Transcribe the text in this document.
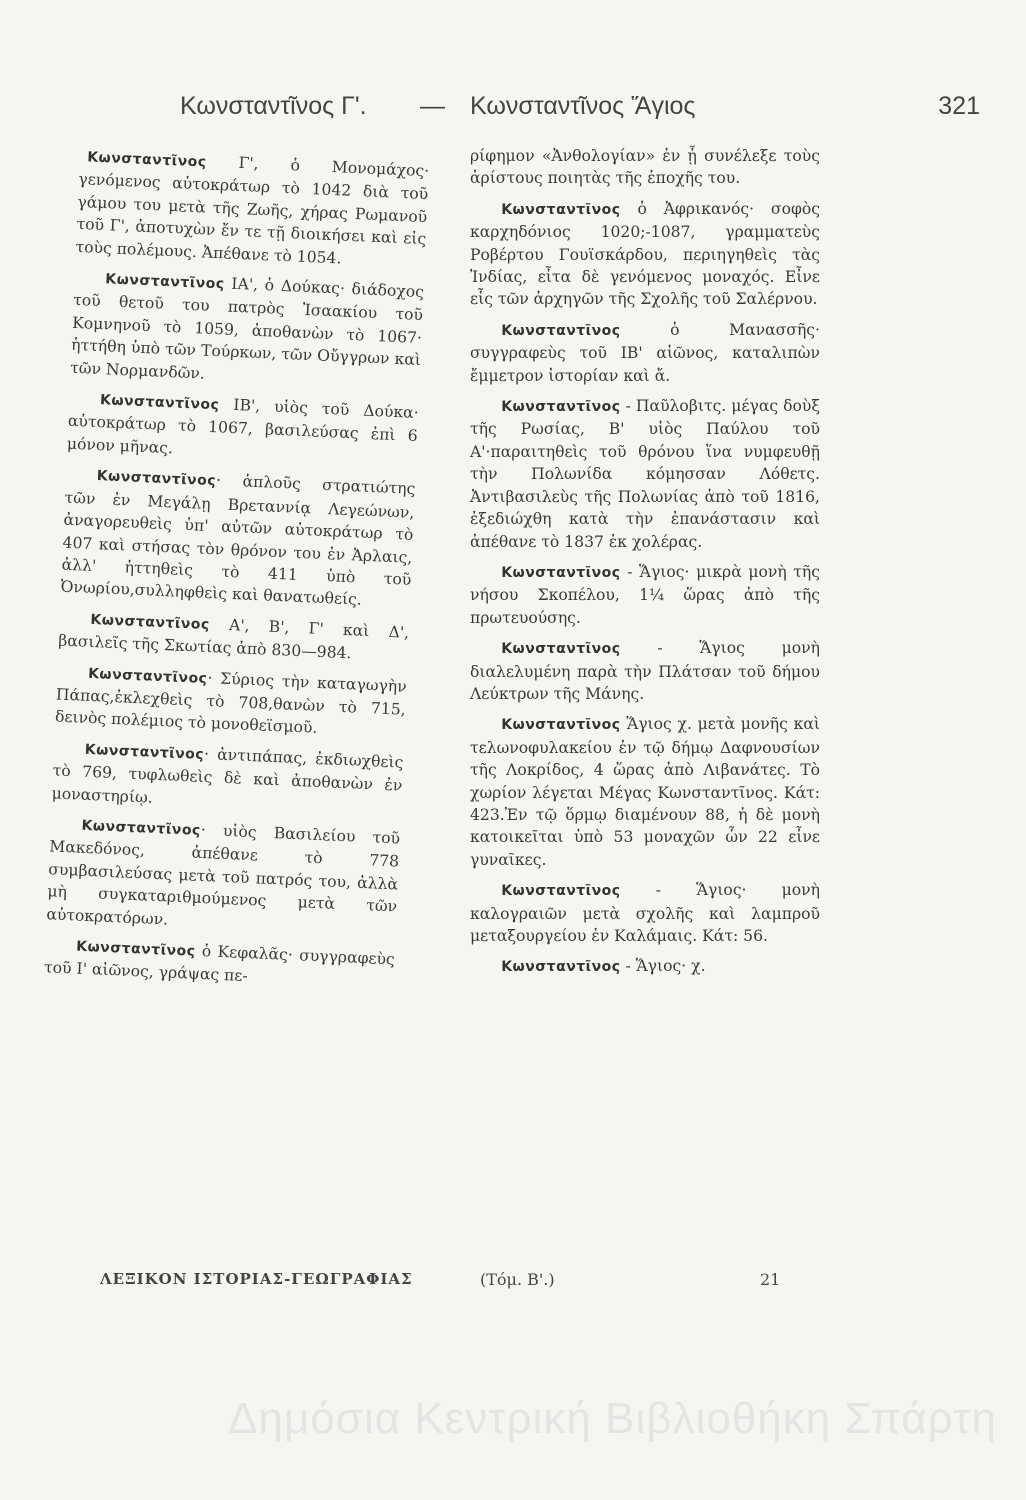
Κωνσταντῖνος Γ'. — Κωνσταντῖνος Ἅγιος	321

Κωνσταντῖνος Γ', ὁ Μονομάχος· γενόμενος αὐτοκράτωρ τὸ 1042 διὰ τοῦ γάμου του μετὰ τῆς Ζωῆς, χήρας Ρωμανοῦ τοῦ Γ', ἀποτυχὼν ἔν τε τῇ διοικήσει καὶ εἰς τοὺς πολέμους. Ἀπέθανε τὸ 1054.

Κωνσταντῖνος ΙΑ', ὁ Δούκας· διάδοχος τοῦ θετοῦ του πατρὸς Ἰσαακίου τοῦ Κομνηνοῦ τὸ 1059, ἀποθανὼν τὸ 1067· ἡττήθη ὑπὸ τῶν Τούρκων, τῶν Οὔγγρων καὶ τῶν Νορμανδῶν.

Κωνσταντῖνος ΙΒ', υἱὸς τοῦ Δούκα· αὐτοκράτωρ τὸ 1067, βασιλεύσας ἐπὶ 6 μόνον μῆνας.

Κωνσταντῖνος· ἁπλοῦς στρατιώτης τῶν ἐν Μεγάλῃ Βρεταννίᾳ Λεγεώνων, ἀναγορευθεὶς ὑπ' αὐτῶν αὐτοκράτωρ τὸ 407 καὶ στήσας τὸν θρόνον του ἐν Ἀρλαις, ἀλλ' ἡττηθεὶς τὸ 411 ὑπὸ τοῦ Ὀνωρίου,συλληφθεὶς καὶ θανατωθείς.

Κωνσταντῖνος Α', Β', Γ' καὶ Δ', βασιλεῖς τῆς Σκωτίας ἀπὸ 830—984.

Κωνσταντῖνος· Σύριος τὴν καταγωγὴν Πάπας,ἐκλεχθεὶς τὸ 708,θανὼν τὸ 715, δεινὸς πολέμιος τὸ μονοθεϊσμοῦ.

Κωνσταντῖνος· ἀντιπάπας, ἐκδιωχθεὶς τὸ 769, τυφλωθεὶς δὲ καὶ ἀποθανὼν ἐν μοναστηρίῳ.

Κωνσταντῖνος· υἱὸς Βασιλείου τοῦ Μακεδόνος, ἀπέθανε τὸ 778 συμβασιλεύσας μετὰ τοῦ πατρός του, ἀλλὰ μὴ συγκαταριθμούμενος μετὰ τῶν αὐτοκρατόρων.

Κωνσταντῖνος ὁ Κεφαλᾶς· συγγραφεὺς τοῦ Ι' αἰῶνος, γράψας πε-

ρίφημον «Ἀνθολογίαν» ἐν ᾗ συνέλεξε τοὺς ἀρίστους ποιητὰς τῆς ἐποχῆς του.

Κωνσταντῖνος ὁ Ἀφρικανός· σοφὸς καρχηδόνιος 1020;-1087, γραμματεὺς Ροβέρτου Γουϊσκάρδου, περιηγηθεὶς τὰς Ἰνδίας, εἶτα δὲ γενόμενος μοναχός. Εἶνε εἷς τῶν ἀρχηγῶν τῆς Σχολῆς τοῦ Σαλέρνου.

Κωνσταντῖνος	ὁ Μανασσῆς· συγγραφεὺς τοῦ ΙΒ' αἰῶνος, καταλιπὼν ἔμμετρον ἱστορίαν καὶ ἄ.

Κωνσταντῖνος - Παῦλοβιτς. μέγας δοὺξ τῆς Ρωσίας, Β' υἱὸς Παύλου τοῦ Α'·παραιτηθεὶς τοῦ θρόνου ἵνα νυμφευθῇ τὴν Πολωνίδα κόμησσαν Λόθετς. Ἀντιβασιλεὺς τῆς Πολωνίας ἀπὸ τοῦ 1816, ἐξεδιώχθη κατὰ τὴν ἐπανάστασιν καὶ ἀπέθανε τὸ 1837 ἐκ χολέρας.

Κωνσταντῖνος - Ἅγιος· μικρὰ μονὴ τῆς νήσου Σκοπέλου, 1¼ ὥρας ἀπὸ τῆς πρωτευούσης.

Κωνσταντῖνος - Ἅγιος μονὴ διαλελυμένη παρὰ τὴν Πλάτσαν τοῦ δήμου Λεύκτρων τῆς Μάνης.

Κωνσταντῖνος Ἅγιος χ. μετὰ μονῆς καὶ τελωνοφυλακείου ἐν τῷ δήμῳ Δαφνουσίων τῆς Λοκρίδος, 4 ὥρας ἀπὸ Λιβανάτες. Τὸ χωρίον λέγεται Μέγας Κωνσταντῖνος. Κάτ: 423.Ἐν τῷ ὅρμῳ διαμένουν 88, ἡ δὲ μονὴ κατοικεῖται ὑπὸ 53 μοναχῶν ὧν 22 εἶνε γυναῖκες.

Κωνσταντῖνος - Ἅγιος· μονὴ καλογραιῶν μετὰ σχολῆς καὶ λαμπροῦ μεταξουργείου ἐν Καλάμαις. Κάτ: 56.

Κωνσταντῖνος - Ἅγιος· χ.

ΛΕΞΙΚΟΝ ΙΣΤΟΡΙΑΣ-ΓΕΩΓΡΑΦΙΑΣ	(Τόμ. Β'.)	21
Δημόσια Κεντρική Βιβλιοθήκη Σπάρτη
